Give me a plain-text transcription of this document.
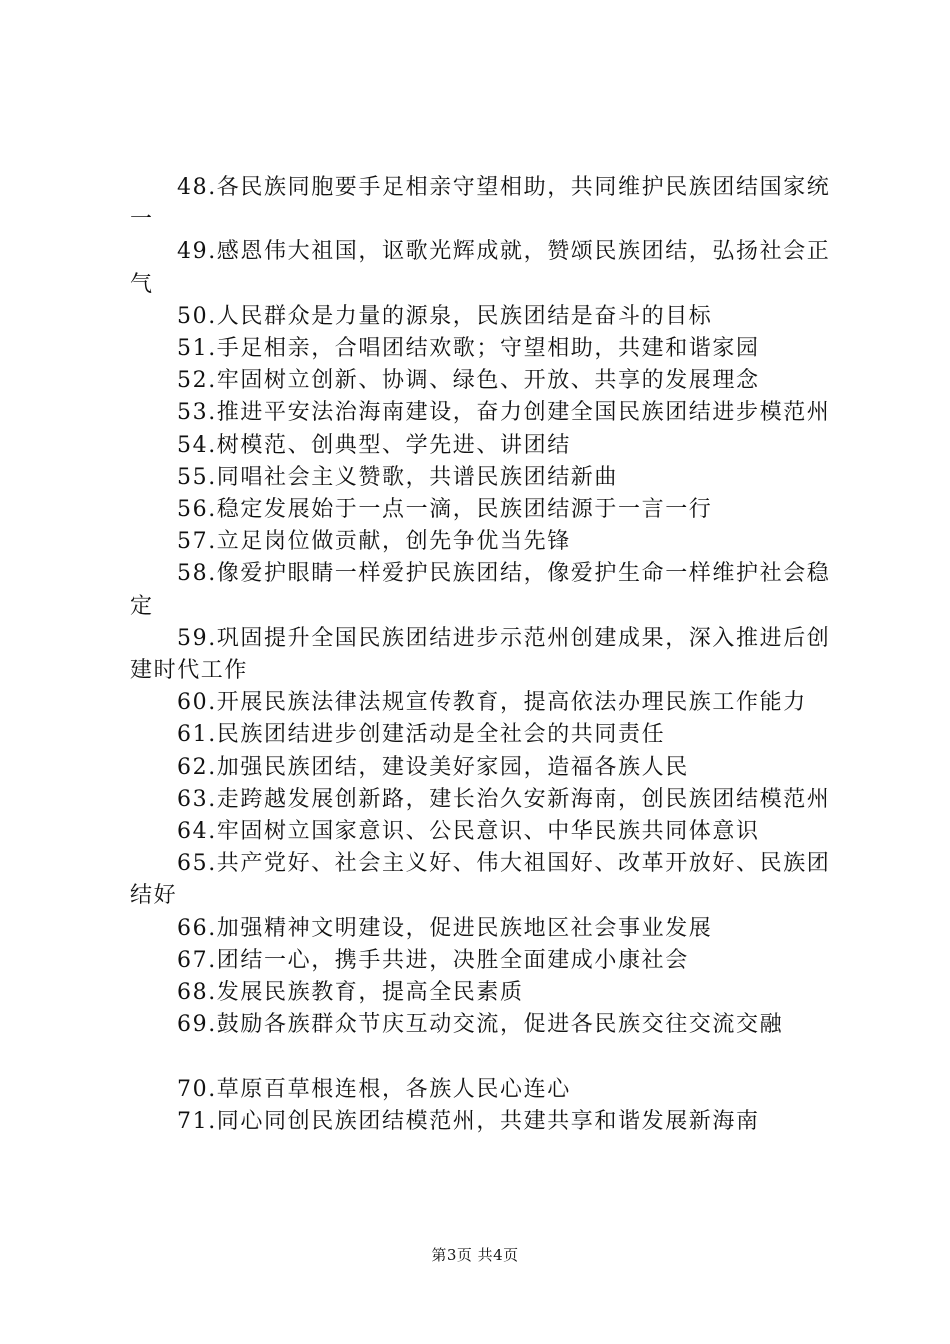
48.各民族同胞要手足相亲守望相助，共同维护民族团结国家统一

49.感恩伟大祖国，讴歌光辉成就，赞颂民族团结，弘扬社会正气

50.人民群众是力量的源泉，民族团结是奋斗的目标

51.手足相亲，合唱团结欢歌；守望相助，共建和谐家园

52.牢固树立创新、协调、绿色、开放、共享的发展理念

53.推进平安法治海南建设，奋力创建全国民族团结进步模范州

54.树模范、创典型、学先进、讲团结

55.同唱社会主义赞歌，共谱民族团结新曲

56.稳定发展始于一点一滴，民族团结源于一言一行

57.立足岗位做贡献，创先争优当先锋

58.像爱护眼睛一样爱护民族团结，像爱护生命一样维护社会稳定

59.巩固提升全国民族团结进步示范州创建成果，深入推进后创建时代工作

60.开展民族法律法规宣传教育，提高依法办理民族工作能力

61.民族团结进步创建活动是全社会的共同责任

62.加强民族团结，建设美好家园，造福各族人民

63.走跨越发展创新路，建长治久安新海南，创民族团结模范州

64.牢固树立国家意识、公民意识、中华民族共同体意识

65.共产党好、社会主义好、伟大祖国好、改革开放好、民族团结好

66.加强精神文明建设，促进民族地区社会事业发展

67.团结一心，携手共进，决胜全面建成小康社会

68.发展民族教育，提高全民素质

69.鼓励各族群众节庆互动交流，促进各民族交往交流交融

70.草原百草根连根，各族人民心连心

71.同心同创民族团结模范州，共建共享和谐发展新海南

第3页 共4页
